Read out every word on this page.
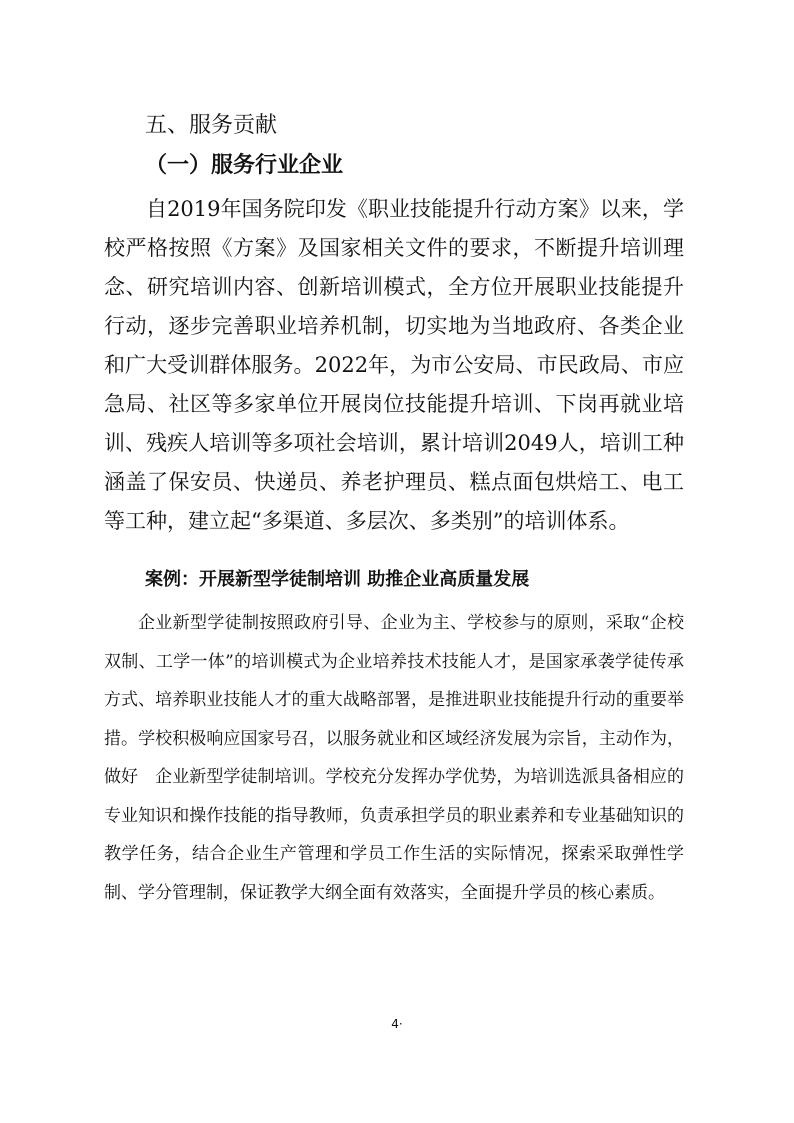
五、服务贡献
（一）服务行业企业

自2019年国务院印发《职业技能提升行动方案》以来，学校严格按照《方案》及国家相关文件的要求，不断提升培训理念、研究培训内容、创新培训模式，全方位开展职业技能提升行动，逐步完善职业培养机制，切实地为当地政府、各类企业和广大受训群体服务。2022年，为市公安局、市民政局、市应急局、社区等多家单位开展岗位技能提升培训、下岗再就业培训、残疾人培训等多项社会培训，累计培训2049人，培训工种涵盖了保安员、快递员、养老护理员、糕点面包烘焙工、电工等工种，建立起“多渠道、多层次、多类别”的培训体系。

案例：开展新型学徒制培训 助推企业高质量发展

企业新型学徒制按照政府引导、企业为主、学校参与的原则，采取“企校双制、工学一体”的培训模式为企业培养技术技能人才，是国家承袭学徒传承方式、培养职业技能人才的重大战略部署，是推进职业技能提升行动的重要举措。学校积极响应国家号召，以服务就业和区域经济发展为宗旨，主动作为，做好　企业新型学徒制培训。学校充分发挥办学优势，为培训选派具备相应的专业知识和操作技能的指导教师，负责承担学员的职业素养和专业基础知识的教学任务，结合企业生产管理和学员工作生活的实际情况，探索采取弹性学制、学分管理制，保证教学大纲全面有效落实，全面提升学员的核心素质。

4·
